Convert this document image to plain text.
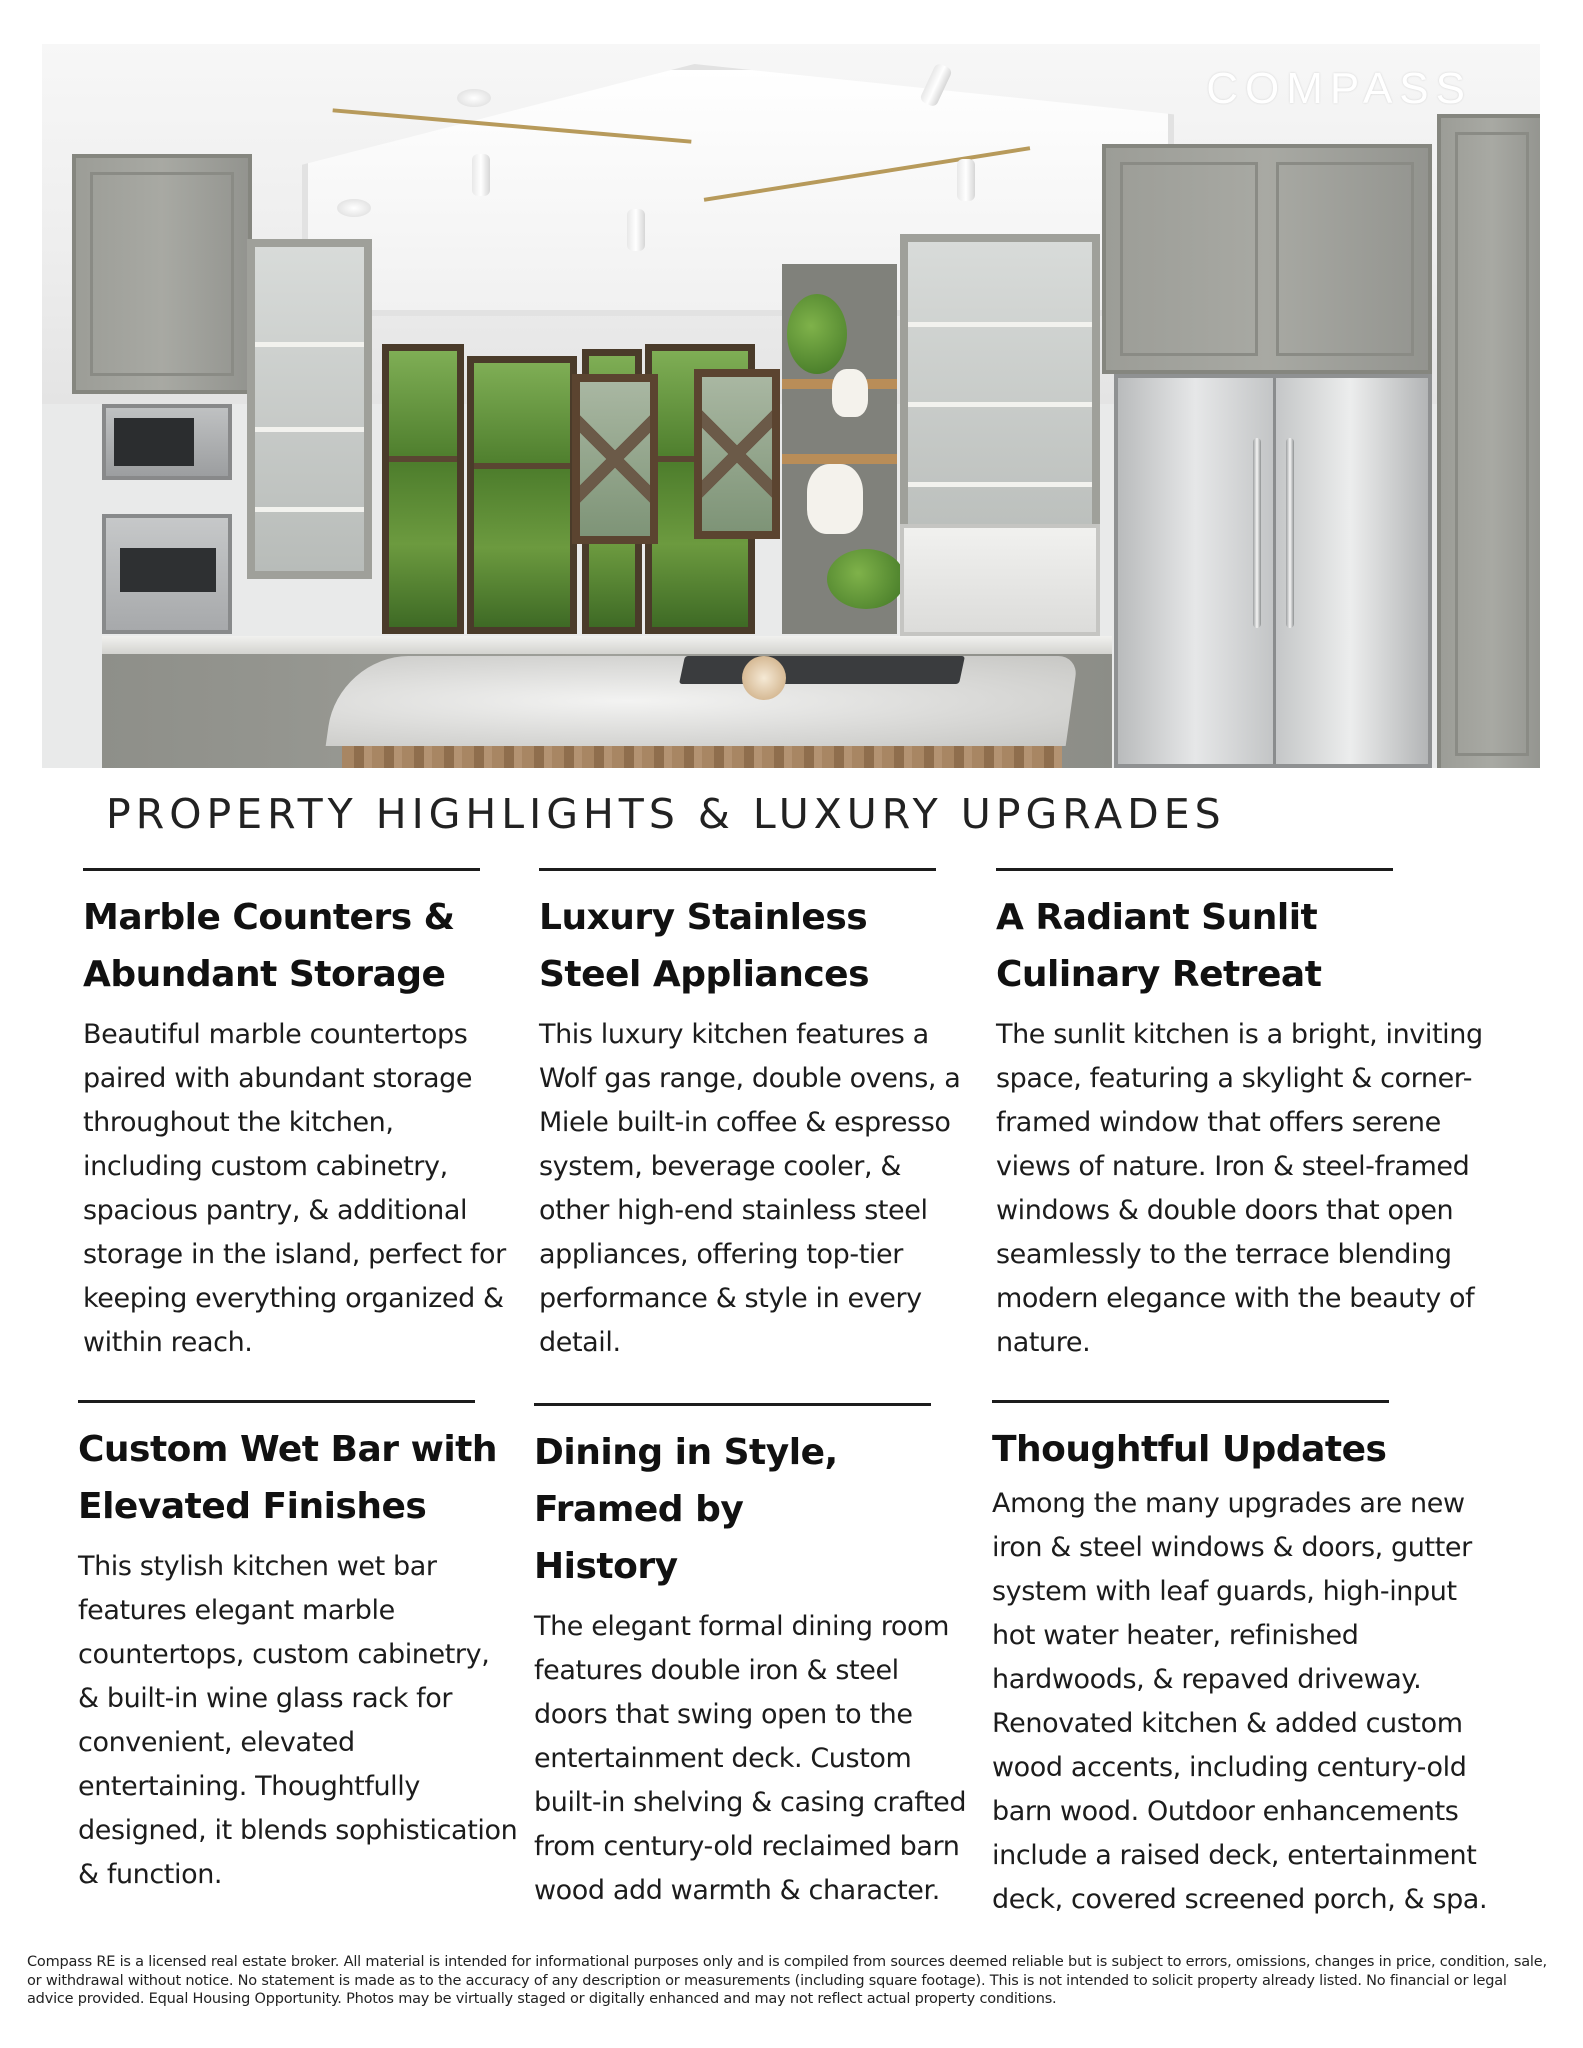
COMPASS
PROPERTY HIGHLIGHTS & LUXURY UPGRADES
Marble Counters & Abundant Storage

Beautiful marble countertops paired with abundant storage throughout the kitchen, including custom cabinetry, spacious pantry, & additional storage in the island, perfect for keeping everything organized & within reach.

Luxury Stainless Steel Appliances

This luxury kitchen features a Wolf gas range, double ovens, a Miele built-in coffee & espresso system, beverage cooler, & other high-end stainless steel appliances, offering top-tier performance & style in every detail.

A Radiant Sunlit Culinary Retreat

The sunlit kitchen is a bright, inviting space, featuring a skylight & corner-framed window that offers serene views of nature. Iron & steel-framed windows & double doors that open seamlessly to the terrace blending modern elegance with the beauty of nature.

Custom Wet Bar with Elevated Finishes

This stylish kitchen wet bar features elegant marble countertops, custom cabinetry, & built-in wine glass rack for convenient, elevated entertaining. Thoughtfully designed, it blends sophistication & function.

Dining in Style, Framed by History

The elegant formal dining room features double iron & steel doors that swing open to the entertainment deck. Custom built-in shelving & casing crafted from century-old reclaimed barn wood add warmth & character.

Thoughtful Updates

Among the many upgrades are new iron & steel windows & doors, gutter system with leaf guards, high-input hot water heater, refinished hardwoods, & repaved driveway. Renovated kitchen & added custom wood accents, including century-old barn wood. Outdoor enhancements include a raised deck, entertainment deck, covered screened porch, & spa.

Compass RE is a licensed real estate broker. All material is intended for informational purposes only and is compiled from sources deemed reliable but is subject to errors, omissions, changes in price, condition, sale, or withdrawal without notice. No statement is made as to the accuracy of any description or measurements (including square footage). This is not intended to solicit property already listed. No financial or legal advice provided. Equal Housing Opportunity. Photos may be virtually staged or digitally enhanced and may not reflect actual property conditions.
